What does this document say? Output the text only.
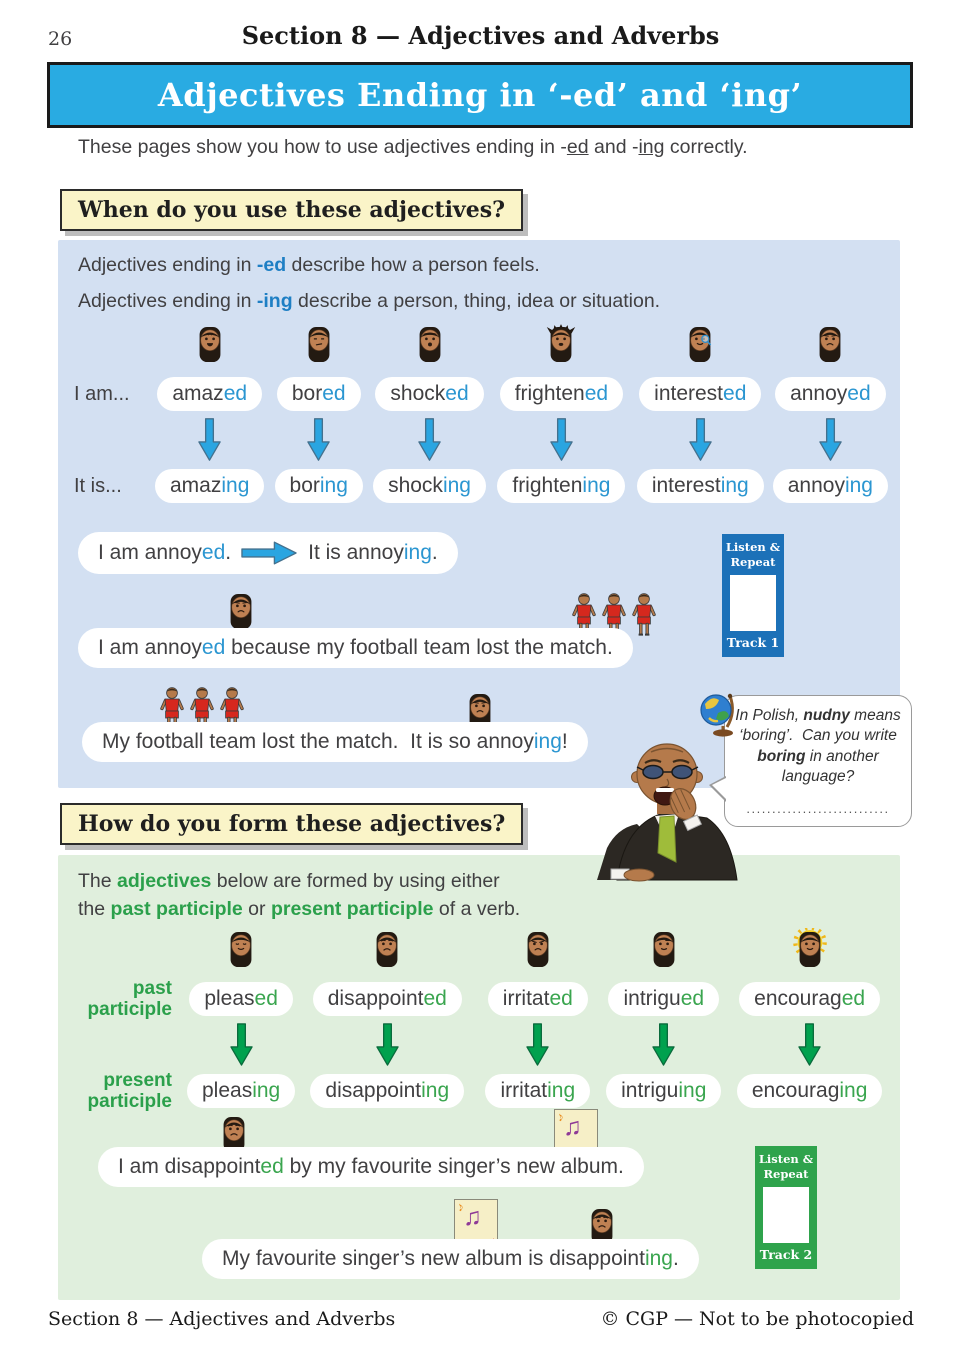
26	Section 8 — Adjectives and Adverbs
Adjectives Ending in ‘-ed’ and ‘ing’

These pages show you how to use adjectives ending in -ed and -ing correctly.

When do you use these adjectives?

Adjectives ending in -ed describe how a person feels.

Adjectives ending in -ing describe a person, thing, idea or situation.

I am...	amazed	bored	shocked	frightened	interested	annoyed
It is...	amazing	boring	shocking	frightening	interesting	annoying
I am annoyed.	It is annoying.	Listen &
Repeat
Track 1
I am annoyed because my football team lost the match.
My football team lost the match.  It is so annoying!
In Polish, nudny means ‘boring’.  Can you write boring in another language?
............................
How do you form these adjectives?

The adjectives below are formed by using either

the past participle or present participle of a verb.

past participle	pleased	disappointed	irritated	intrigued	encouraged
present participle	pleasing	disappointing	irritating	intriguing	encouraging
♪
♫
I am disappointed by my favourite singer’s new album.
♪
♫
My favourite singer’s new album is disappointing.
Listen &
Repeat
Track 2
Section 8 — Adjectives and Adverbs	© CGP — Not to be photocopied
